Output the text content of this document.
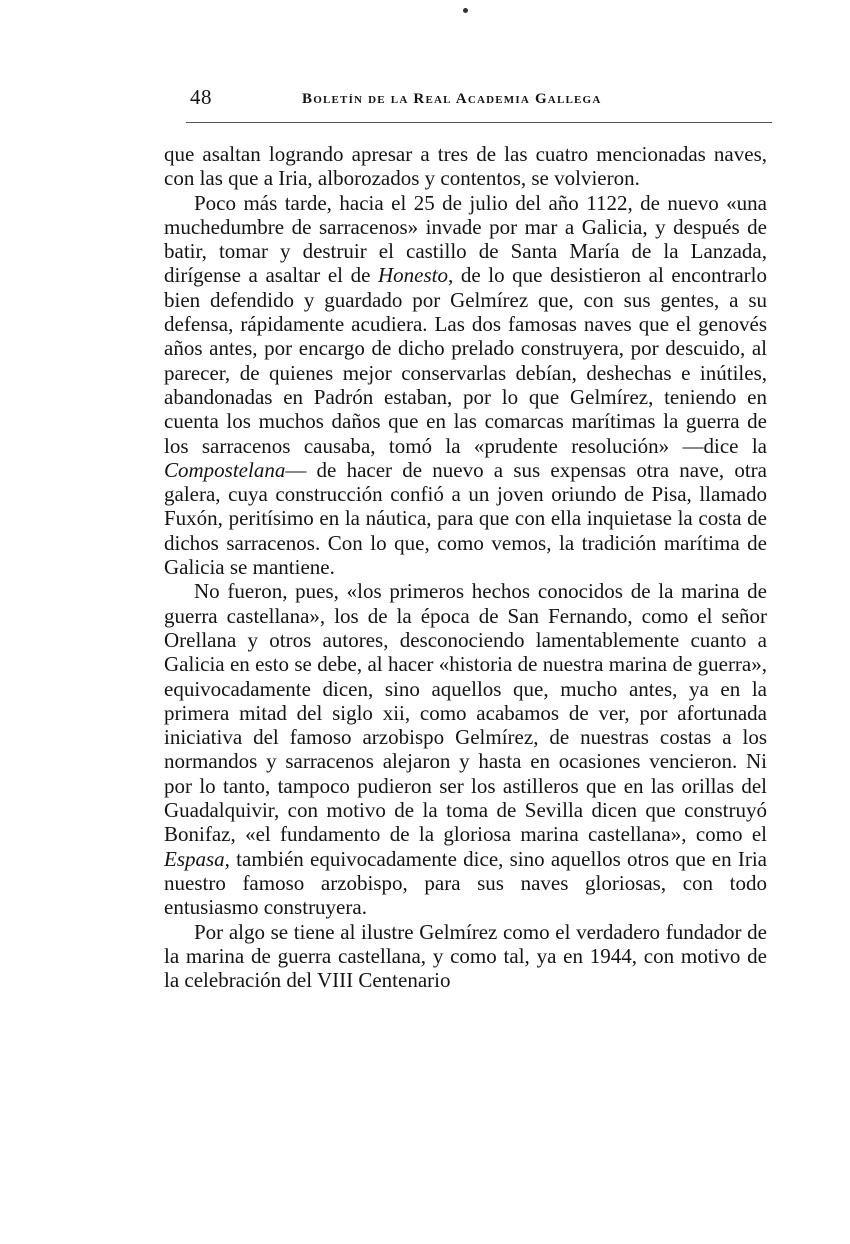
48	Boletín de la Real Academia Gallega

que asaltan logrando apresar a tres de las cuatro mencionadas naves, con las que a Iria, alborozados y contentos, se volvieron.

Poco más tarde, hacia el 25 de julio del año 1122, de nuevo «una muchedumbre de sarracenos» invade por mar a Galicia, y después de batir, tomar y destruir el castillo de Santa María de la Lanzada, dirígense a asaltar el de Honesto, de lo que desistieron al encontrarlo bien defendido y guardado por Gelmírez que, con sus gentes, a su defensa, rápidamente acudiera. Las dos famosas naves que el genovés años antes, por encargo de dicho prelado construyera, por descuido, al parecer, de quienes mejor conservarlas debían, deshechas e inútiles, abandonadas en Padrón estaban, por lo que Gelmírez, teniendo en cuenta los muchos daños que en las comarcas marítimas la guerra de los sarracenos causaba, tomó la «prudente resolución» —dice la Compostelana— de hacer de nuevo a sus expensas otra nave, otra galera, cuya construcción confió a un joven oriundo de Pisa, llamado Fuxón, peritísimo en la náutica, para que con ella inquietase la costa de dichos sarracenos. Con lo que, como vemos, la tradición marítima de Galicia se mantiene.

No fueron, pues, «los primeros hechos conocidos de la marina de guerra castellana», los de la época de San Fernando, como el señor Orellana y otros autores, desconociendo lamentablemente cuanto a Galicia en esto se debe, al hacer «historia de nuestra marina de guerra», equivocadamente dicen, sino aquellos que, mucho antes, ya en la primera mitad del siglo xii, como acabamos de ver, por afortunada iniciativa del famoso arzobispo Gelmírez, de nuestras costas a los normandos y sarracenos alejaron y hasta en ocasiones vencieron. Ni por lo tanto, tampoco pudieron ser los astilleros que en las orillas del Guadalquivir, con motivo de la toma de Sevilla dicen que construyó Bonifaz, «el fundamento de la gloriosa marina castellana», como el Espasa, también equivocadamente dice, sino aquellos otros que en Iria nuestro famoso arzobispo, para sus naves gloriosas, con todo entusiasmo construyera.

Por algo se tiene al ilustre Gelmírez como el verdadero fundador de la marina de guerra castellana, y como tal, ya en 1944, con motivo de la celebración del VIII Centenario
